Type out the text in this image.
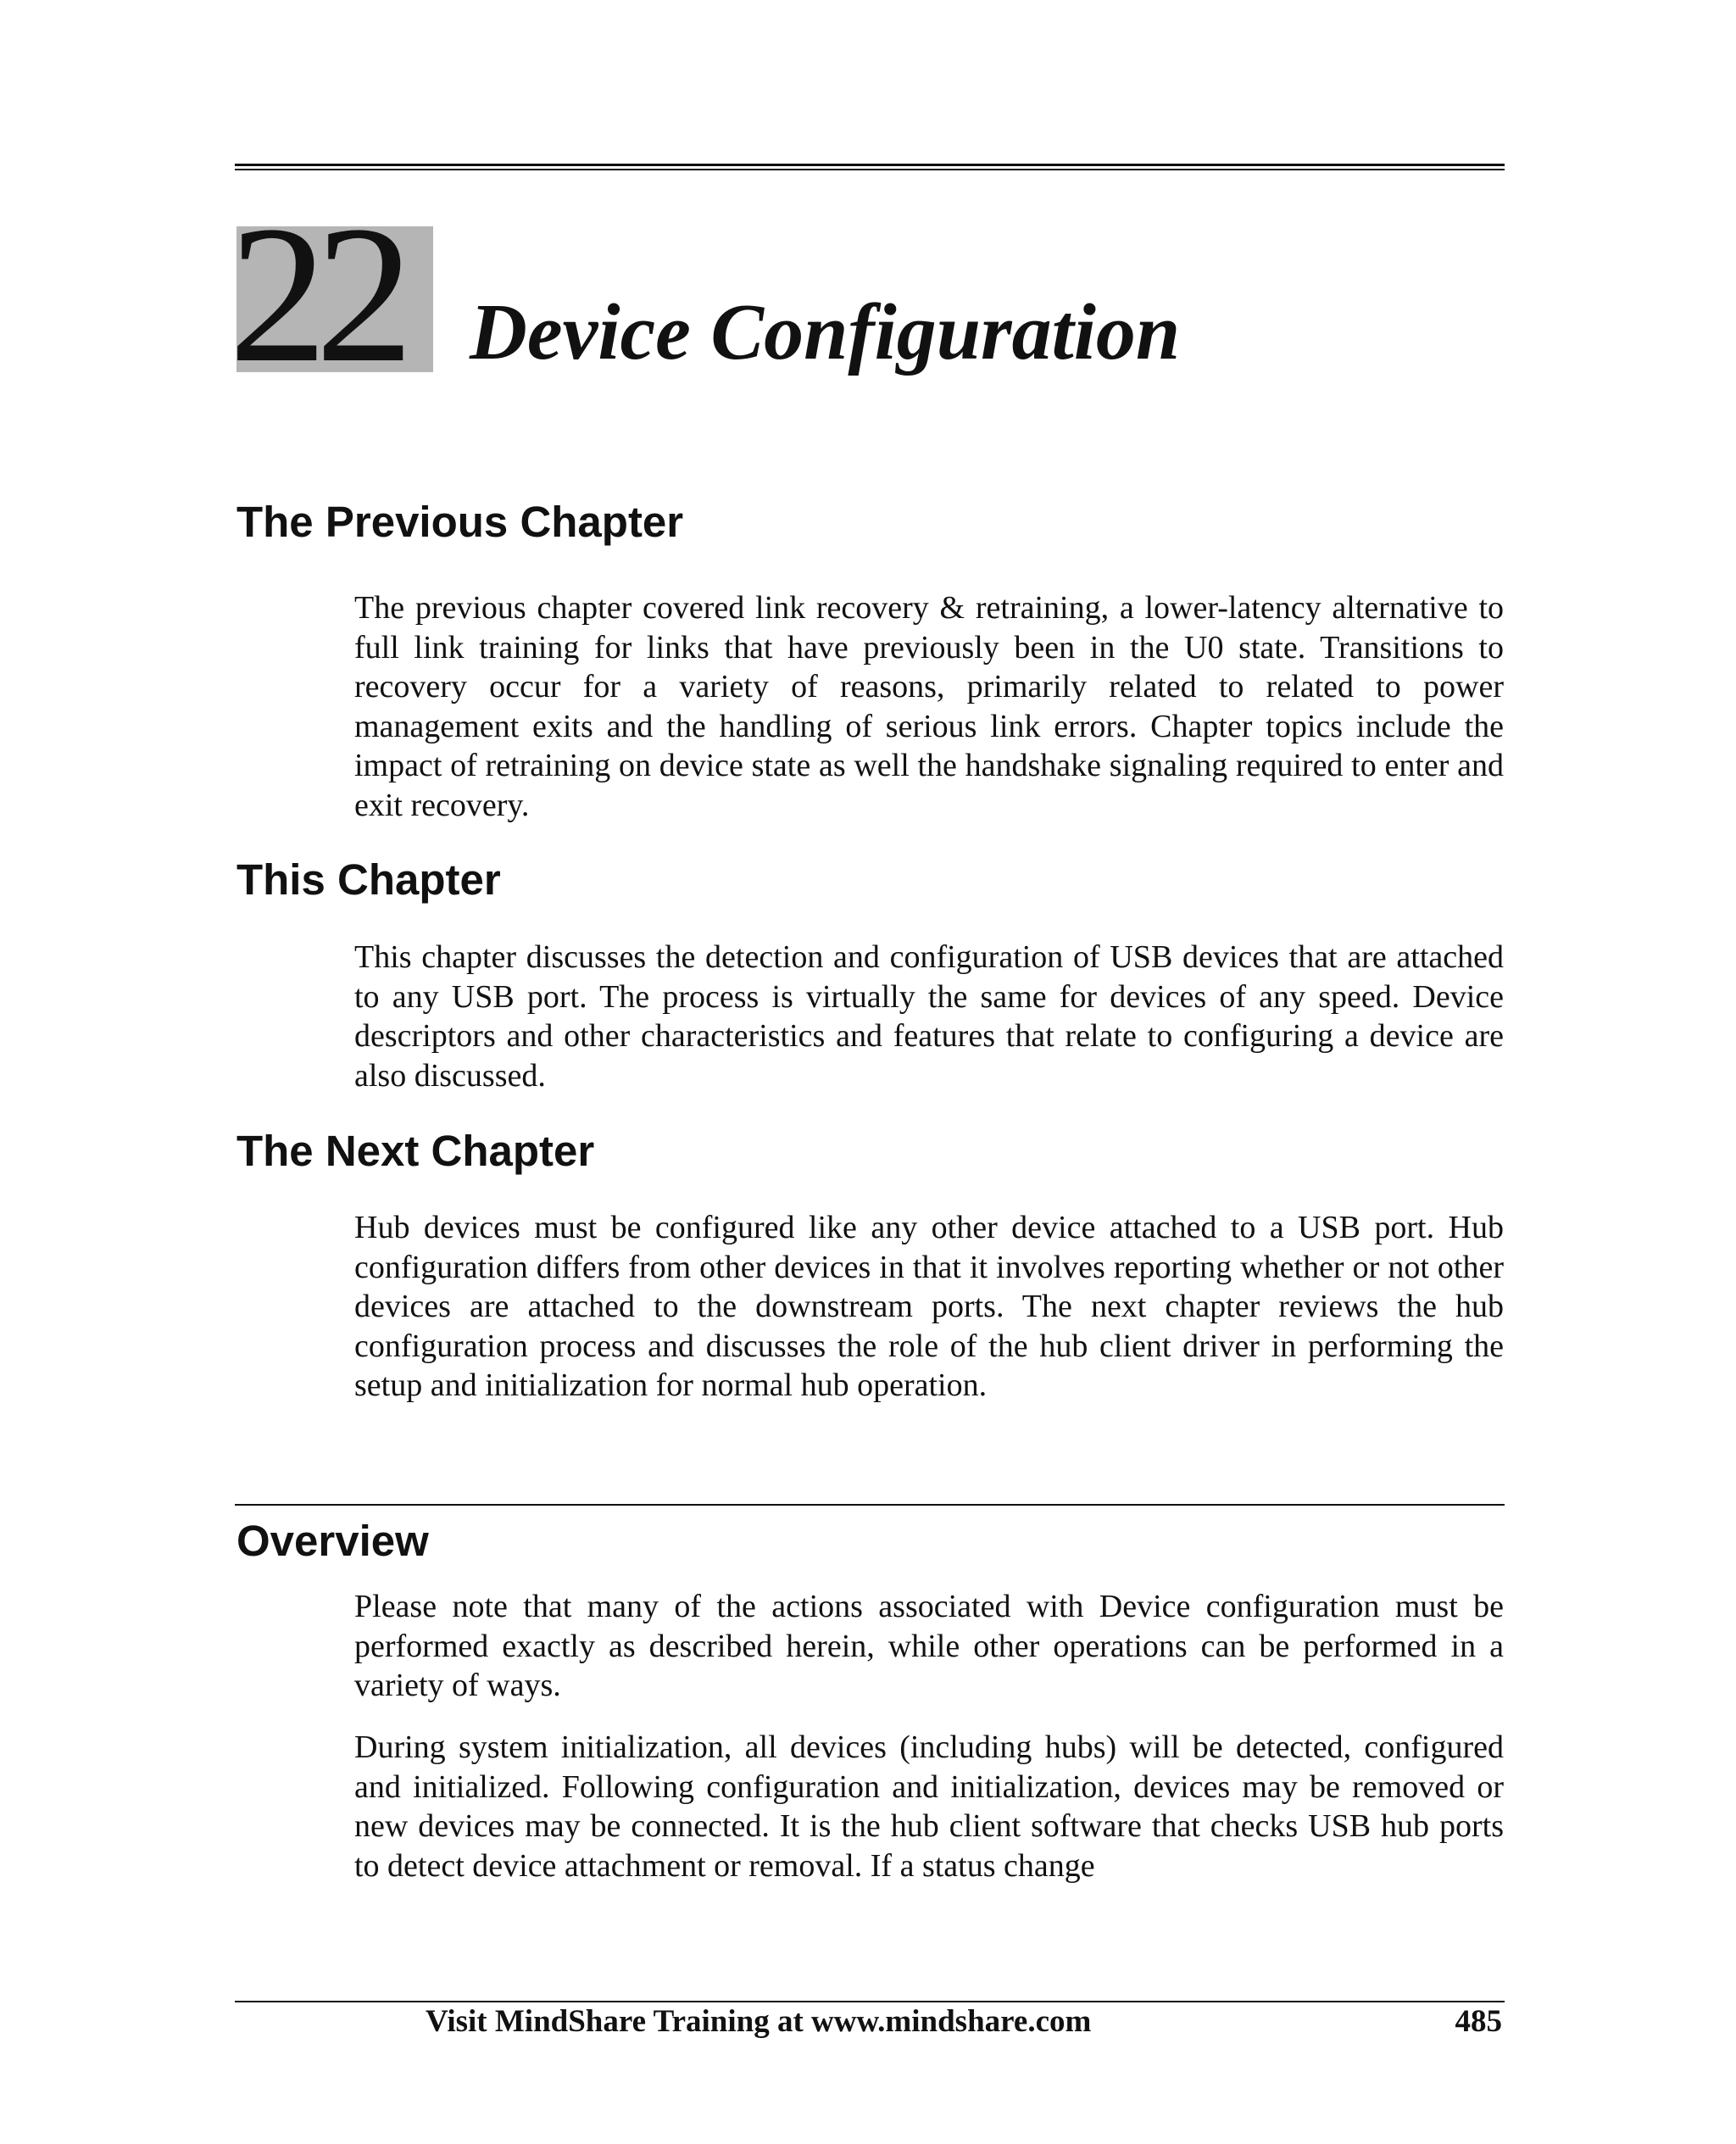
22 Device Configuration
The Previous Chapter

The previous chapter covered link recovery & retraining, a lower-latency alternative to full link training for links that have previously been in the U0 state. Transitions to recovery occur for a variety of reasons, primarily related to related to power management exits and the handling of serious link errors. Chapter topics include the impact of retraining on device state as well the handshake signaling required to enter and exit recovery.

This Chapter

This chapter discusses the detection and configuration of USB devices that are attached to any USB port. The process is virtually the same for devices of any speed. Device descriptors and other characteristics and features that relate to configuring a device are also discussed.

The Next Chapter

Hub devices must be configured like any other device attached to a USB port. Hub configuration differs from other devices in that it involves reporting whether or not other devices are attached to the downstream ports. The next chapter reviews the hub configuration process and discusses the role of the hub client driver in performing the setup and initialization for normal hub operation.

Overview

Please note that many of the actions associated with Device configuration must be performed exactly as described herein, while other operations can be performed in a variety of ways.

During system initialization, all devices (including hubs) will be detected, configured and initialized. Following configuration and initialization, devices may be removed or new devices may be connected. It is the hub client software that checks USB hub ports to detect device attachment or removal. If a status change

Visit MindShare Training at www.mindshare.com	485
